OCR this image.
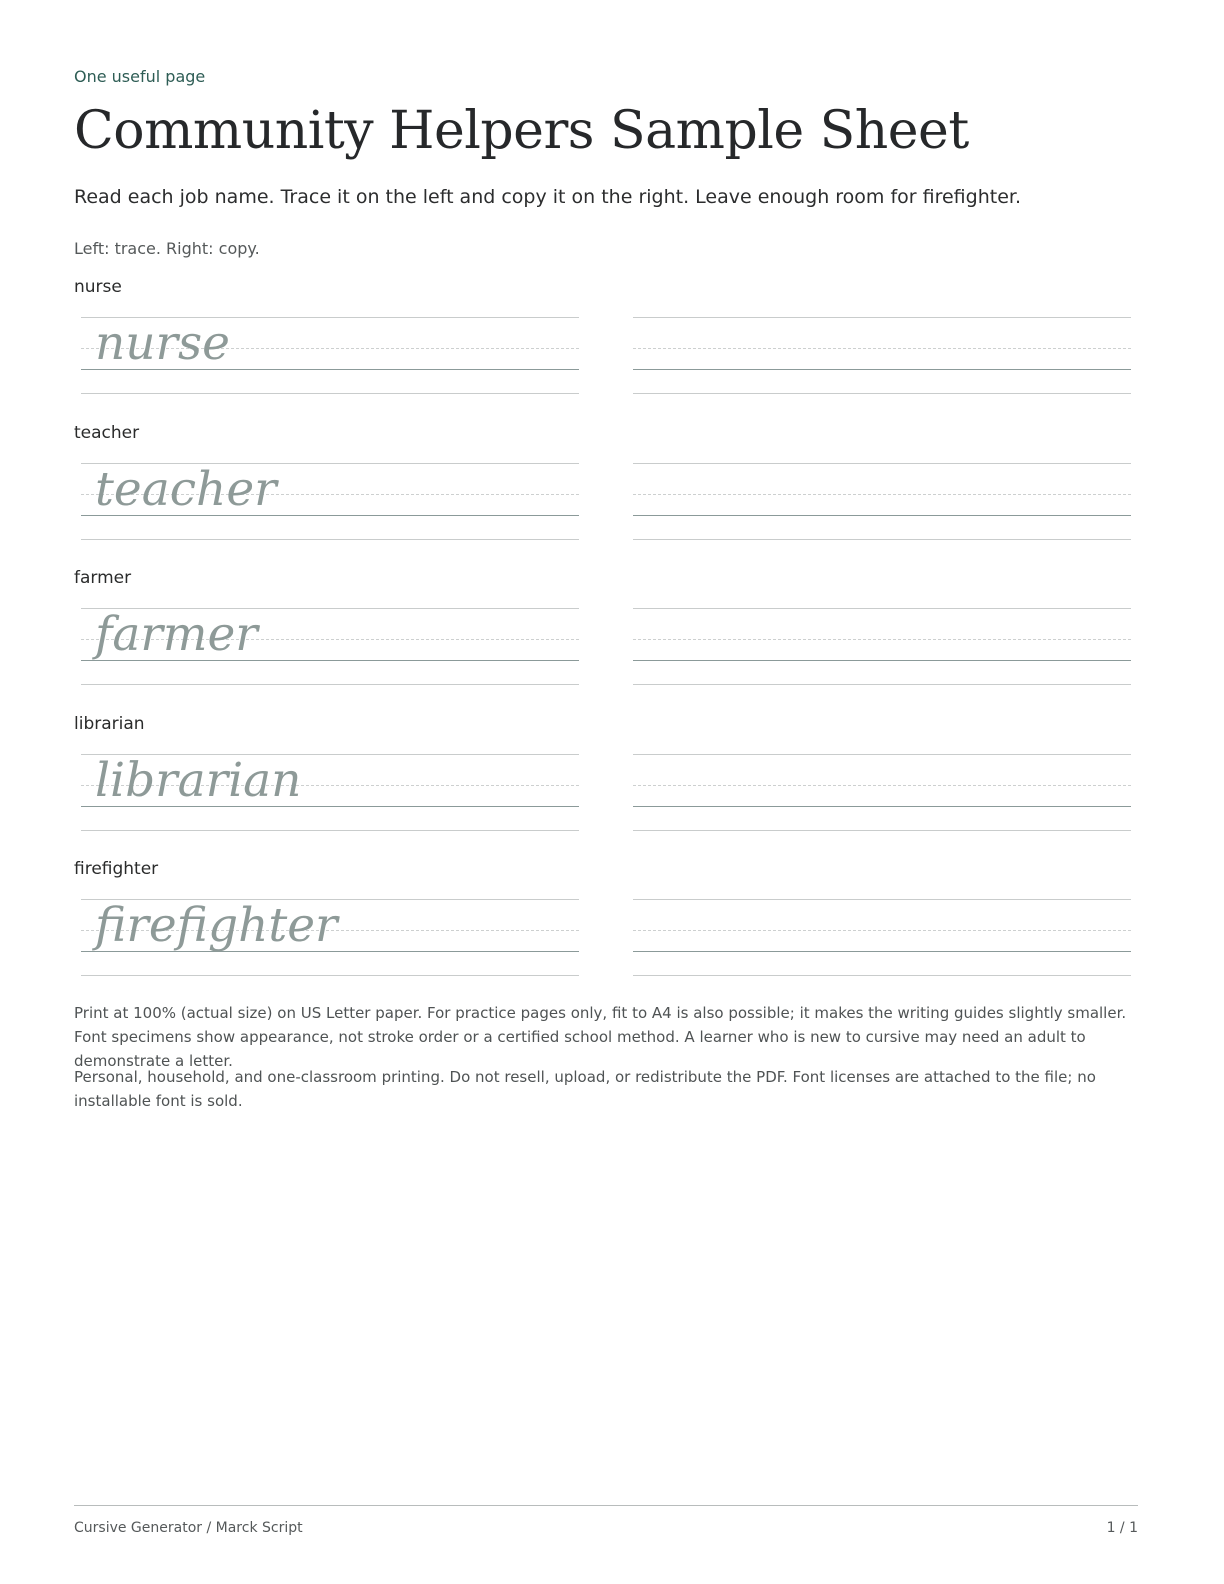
One useful page
Community Helpers Sample Sheet
Read each job name. Trace it on the left and copy it on the right. Leave enough room for firefighter.
Left: trace. Right: copy.
nurse
nurse
teacher
teacher
farmer
farmer
librarian
librarian
firefighter
firefighter

Print at 100% (actual size) on US Letter paper. For practice pages only, fit to A4 is also possible; it makes the writing guides slightly smaller. Font specimens show appearance, not stroke order or a certified school method. A learner who is new to cursive may need an adult to demonstrate a letter.

Personal, household, and one-classroom printing. Do not resell, upload, or redistribute the PDF. Font licenses are attached to the file; no installable font is sold.

Cursive Generator / Marck Script	1 / 1
